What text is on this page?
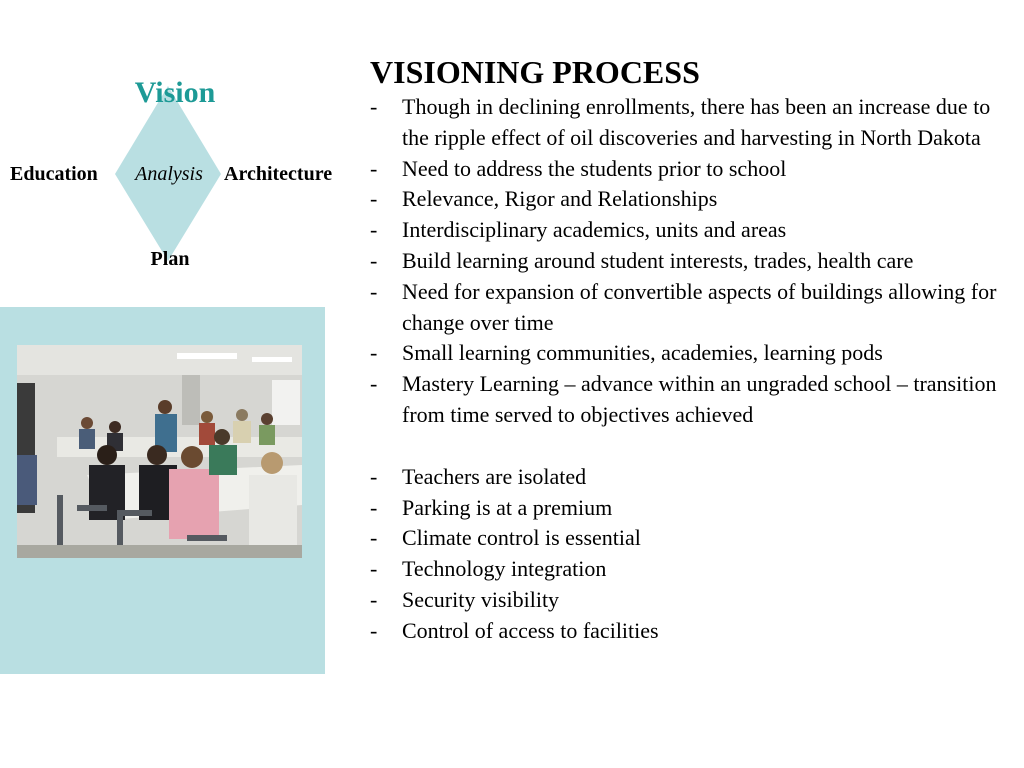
Vision
Education	Analysis	Architecture
Plan
VISIONING PROCESS
-	Though in declining enrollments, there has been an increase due to the ripple effect of oil discoveries and harvesting in North Dakota
-	Need to address the students prior to school
-	Relevance, Rigor and Relationships
-	Interdisciplinary academics, units and areas
-	Build learning around student interests, trades, health care
-	Need for expansion of convertible aspects of buildings allowing for change over time
-	Small learning communities, academies, learning pods
-	Mastery Learning – advance within an ungraded school – transition from time served to objectives achieved
-	Teachers are isolated
-	Parking is at a premium
-	Climate control is essential
-	Technology integration
-	Security visibility
-	Control of access to facilities
